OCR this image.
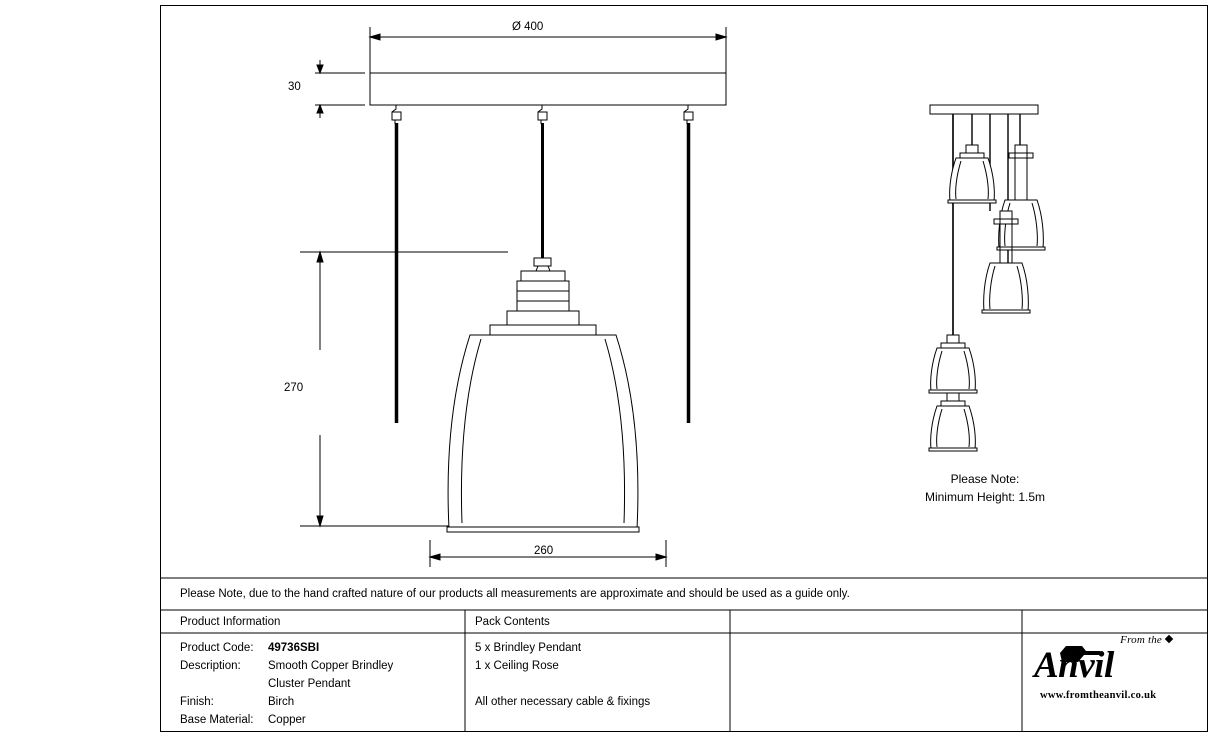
Ø 400
30
270
260
Please Note:
Minimum Height: 1.5m
Please Note, due to the hand crafted nature of our products all measurements are approximate and should be used as a guide only.
Product Information	Pack Contents
Product Code: 49736SBI
Description: Smooth Copper Brindley
Cluster Pendant
Finish:	Birch
Base Material: Copper
5 x Brindley Pendant
1 x Ceiling Rose
All other necessary cable & fixings
From the
Anvil
www.fromtheanvil.co.uk
